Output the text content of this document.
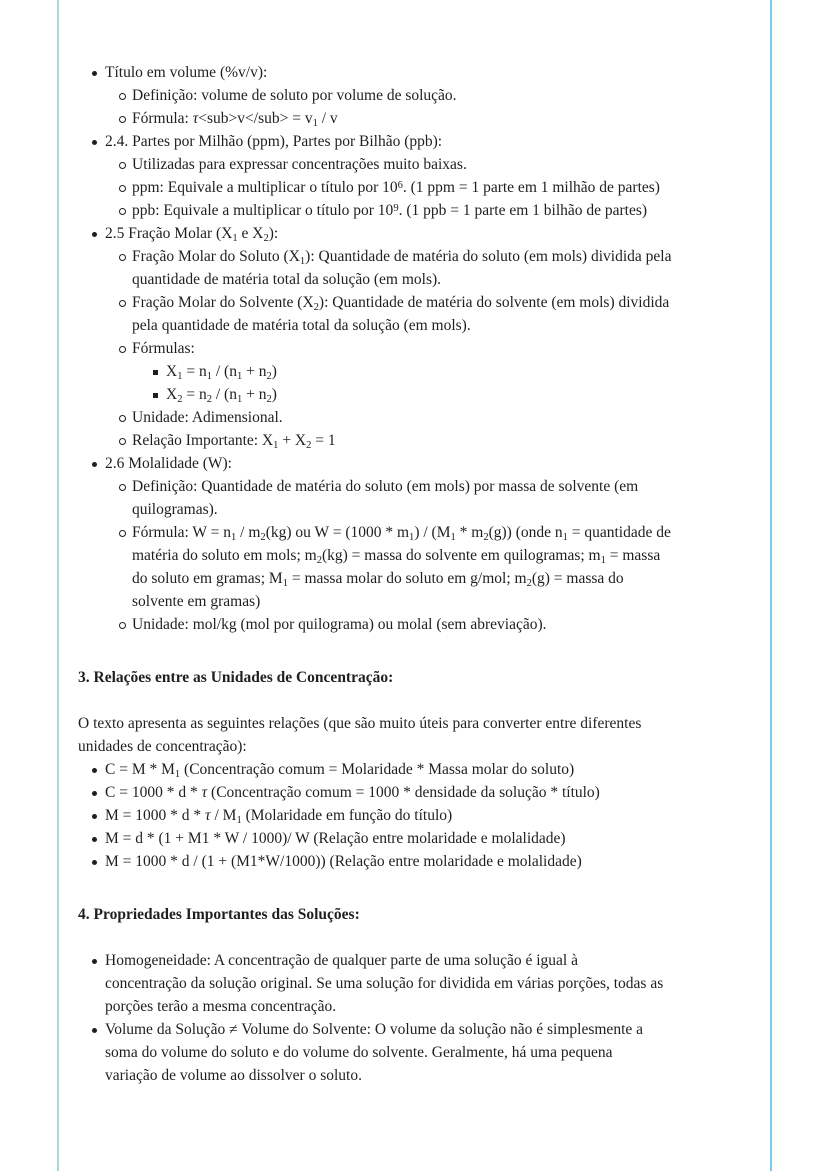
Título em volume (%v/v):
Definição: volume de soluto por volume de solução.
Fórmula: $\tau<sub>v</sub> = v_1 / v$
2.4. Partes por Milhão (ppm), Partes por Bilhão (ppb):
Utilizadas para expressar concentrações muito baixas.
ppm: Equivale a multiplicar o título por $10^6$. (1 ppm = 1 parte em 1 milhão de partes)
ppb: Equivale a multiplicar o título por $10^9$. (1 ppb = 1 parte em 1 bilhão de partes)
2.5 Fração Molar ($X_1$ e $X_2$):
Fração Molar do Soluto $(X_1)$: Quantidade de matéria do soluto (em mols) dividida pela
quantidade de matéria total da solução (em mols).
Fração Molar do Solvente $(X_2)$: Quantidade de matéria do solvente (em mols) dividida
pela quantidade de matéria total da solução (em mols).
Fórmulas:
$X_1 = n_1 / (n_1 + n_2)$
$X_2 = n_2 / (n_1 + n_2)$
Unidade: Adimensional.
Relação Importante: $X_1 + X_2 = 1$
2.6 Molalidade (W):
Definição: Quantidade de matéria do soluto (em mols) por massa de solvente (em
quilogramas).
Fórmula: $W = n_1 / m_2(kg)$ ou $W = (1000 * m_1) / (M_1 * m_2(g))$ (onde $n_1$ = quantidade de
matéria do soluto em mols; $m_2(kg)$ = massa do solvente em quilogramas; $m_1$ = massa
do soluto em gramas; $M_1$ = massa molar do soluto em g/mol; $m_2(g)$ = massa do
solvente em gramas)
Unidade: mol/kg (mol por quilograma) ou molal (sem abreviação).
3. Relações entre as Unidades de Concentração:
O texto apresenta as seguintes relações (que são muito úteis para converter entre diferentes
unidades de concentração):
$C = M * M_1$ (Concentração comum = Molaridade * Massa molar do soluto)
C = 1000 * d * τ (Concentração comum = 1000 * densidade da solução * título)
$M = 1000 * d * \tau / M_1$ (Molaridade em função do título)
M = d * (1 + M1 * W / 1000)/ W (Relação entre molaridade e molalidade)
M = 1000 * d / (1 + (M1*W/1000)) (Relação entre molaridade e molalidade)
4. Propriedades Importantes das Soluções:
Homogeneidade: A concentração de qualquer parte de uma solução é igual à
concentração da solução original. Se uma solução for dividida em várias porções, todas as
porções terão a mesma concentração.
Volume da Solução ≠ Volume do Solvente: O volume da solução não é simplesmente a
soma do volume do soluto e do volume do solvente. Geralmente, há uma pequena
variação de volume ao dissolver o soluto.
